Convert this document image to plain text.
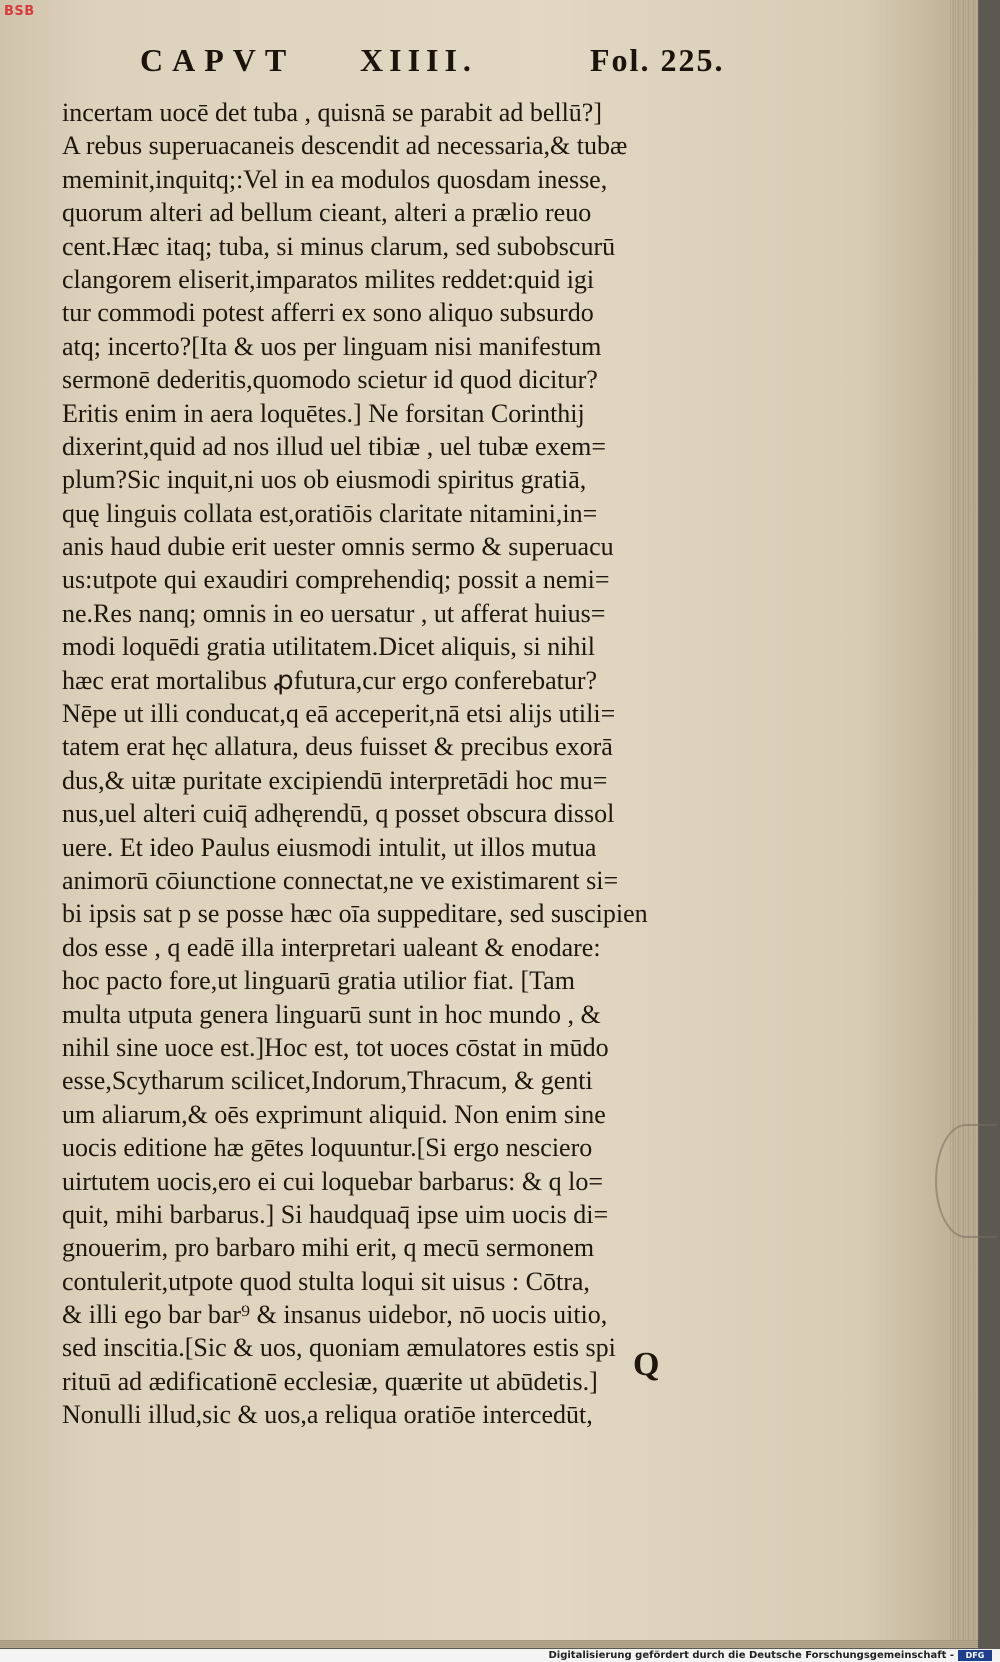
BSB
CAPVT XIIII.	Fol. 225.
incertam uocē det tuba , quisnā se parabit ad bellū?]
A rebus superuacaneis descendit ad necessaria,& tubæ
meminit,inquitq;:Vel in ea modulos quosdam inesse,
quorum alteri ad bellum cieant, alteri a prælio reuo
cent.Hæc itaq; tuba, si minus clarum, sed subobscurū
clangorem eliserit,imparatos milites reddet:quid igi
tur commodi potest afferri ex sono aliquo subsurdo
atq; incerto?[Ita & uos per linguam nisi manifestum
sermonē dederitis,quomodo scietur id quod dicitur?
Eritis enim in aera loquētes.] Ne forsitan Corinthij
dixerint,quid ad nos illud uel tibiæ , uel tubæ exem=
plum?Sic inquit,ni uos ob eiusmodi spiritus gratiā,
quę linguis collata est,oratiōis claritate nitamini,in=
anis haud dubie erit uester omnis sermo & superuacu
us:utpote qui exaudiri comprehendiq; possit a nemi=
ne.Res nanq; omnis in eo uersatur , ut afferat huius=
modi loquēdi gratia utilitatem.Dicet aliquis, si nihil
hæc erat mortalibus ꝓfutura,cur ergo conferebatur?
Nēpe ut illi conducat,q eā acceperit,nā etsi alijs utili=
tatem erat hęc allatura, deus fuisset & precibus exorā
dus,& uitæ puritate excipiendū interpretādi hoc mu=
nus,uel alteri cuiq̄ adhęrendū, q posset obscura dissol
uere. Et ideo Paulus eiusmodi intulit, ut illos mutua
animorū cōiunctione connectat,ne ve existimarent si=
bi ipsis sat p se posse hæc oīa suppeditare, sed suscipien
dos esse , q eadē illa interpretari ualeant & enodare:
hoc pacto fore,ut linguarū gratia utilior fiat. [Tam
multa utputa genera linguarū sunt in hoc mundo , &
nihil sine uoce est.]Hoc est, tot uoces cōstat in mūdo
esse,Scytharum scilicet,Indorum,Thracum, & genti
um aliarum,& oēs exprimunt aliquid. Non enim sine
uocis editione hæ gētes loquuntur.[Si ergo nesciero
uirtutem uocis,ero ei cui loquebar barbarus: & q lo=
quit, mihi barbarus.] Si haudquaq̄ ipse uim uocis di=
gnouerim, pro barbaro mihi erit, q mecū sermonem
contulerit,utpote quod stulta loqui sit uisus : Cōtra,
& illi ego bar bar⁹ & insanus uidebor, nō uocis uitio,
sed inscitia.[Sic & uos, quoniam æmulatores estis spi
rituū ad ædificationē ecclesiæ, quærite ut abūdetis.]
Nonulli illud,sic & uos,a reliqua oratiōe intercedūt,
Q
Digitalisierung gefördert durch die Deutsche Forschungsgemeinschaft -	DFG
